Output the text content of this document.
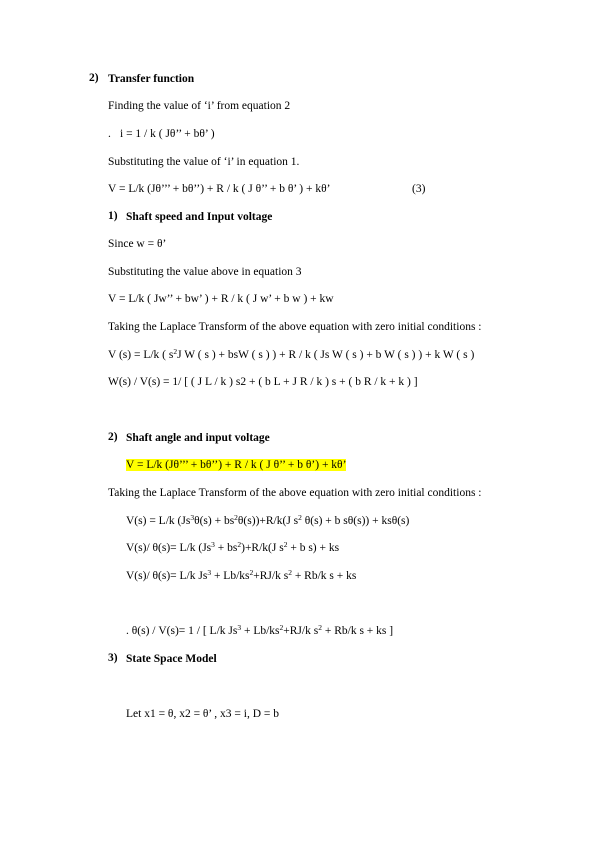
2) Transfer function
Finding the value of ‘i’ from equation 2
. i = 1 / k ( Jθ’’ + bθ’ )
Substituting the value of ‘i’ in equation 1.
V = L/k (Jθ’’’ + bθ’’) + R / k ( J θ’’ + b θ’ ) + kθ’	(3)
1) Shaft speed and Input voltage
Since w = θ’
Substituting the value above in equation 3
V = L/k ( Jw’’ + bw’ ) + R / k ( J w’ + b w ) + kw
Taking the Laplace Transform of the above equation with zero initial conditions :
V (s) = L/k ( $s^2J$ W ( s ) + bsW ( s ) ) + R / k ( Js W ( s ) + b W ( s ) ) + k W ( s )
W(s) / V(s) = 1/ [ ( J L / k ) s2 + ( b L + J R / k ) s + ( b R / k + k ) ]
2) Shaft angle and input voltage
V = L/k (Jθ’’’ + bθ’’) + R / k ( J θ’’ + b θ’) + kθ’
Taking the Laplace Transform of the above equation with zero initial conditions :
V(s) = L/k $(Js^3\theta(s) + bs^2\theta(s))+R/k(J$ $s^2$ θ(s) + b sθ(s)) + ksθ(s)
V(s)/ θ(s)= L/k $(Js^3 + bs^2)+R/k(J$ $s^2 + b$ s) + ks
V(s)/ θ(s)= L/k $Js^3 + Lb/ks^2+RJ/k$ $s^2 + Rb/k$ s + ks
. θ(s) / V(s)= 1 / [ L/k $Js^3 + Lb/ks^2+RJ/k$ $s^2 + Rb/k$ s + ks ]
3) State Space Model
Let x1 = θ, x2 = θ’ , x3 = i, D = b
